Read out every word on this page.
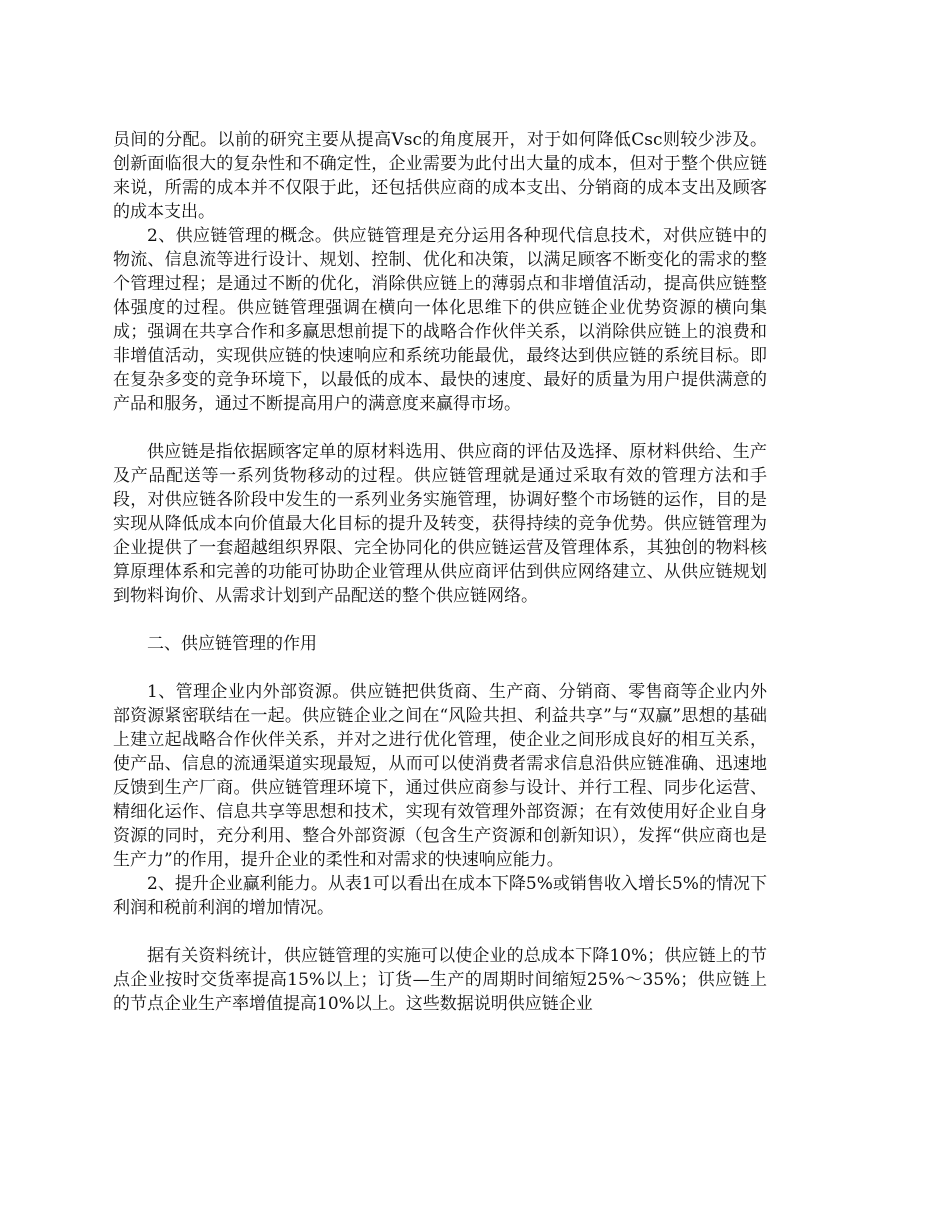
员间的分配。以前的研究主要从提高Vsc的角度展开，对于如何降低Csc则较少涉及。创新面临很大的复杂性和不确定性，企业需要为此付出大量的成本，但对于整个供应链来说，所需的成本并不仅限于此，还包括供应商的成本支出、分销商的成本支出及顾客的成本支出。

2、供应链管理的概念。供应链管理是充分运用各种现代信息技术，对供应链中的物流、信息流等进行设计、规划、控制、优化和决策，以满足顾客不断变化的需求的整个管理过程；是通过不断的优化，消除供应链上的薄弱点和非增值活动，提高供应链整体强度的过程。供应链管理强调在横向一体化思维下的供应链企业优势资源的横向集成；强调在共享合作和多赢思想前提下的战略合作伙伴关系，以消除供应链上的浪费和非增值活动，实现供应链的快速响应和系统功能最优，最终达到供应链的系统目标。即在复杂多变的竞争环境下，以最低的成本、最快的速度、最好的质量为用户提供满意的产品和服务，通过不断提高用户的满意度来赢得市场。

供应链是指依据顾客定单的原材料选用、供应商的评估及选择、原材料供给、生产及产品配送等一系列货物移动的过程。供应链管理就是通过采取有效的管理方法和手段，对供应链各阶段中发生的一系列业务实施管理，协调好整个市场链的运作，目的是实现从降低成本向价值最大化目标的提升及转变，获得持续的竞争优势。供应链管理为企业提供了一套超越组织界限、完全协同化的供应链运营及管理体系，其独创的物料核算原理体系和完善的功能可协助企业管理从供应商评估到供应网络建立、从供应链规划到物料询价、从需求计划到产品配送的整个供应链网络。

二、供应链管理的作用

1、管理企业内外部资源。供应链把供货商、生产商、分销商、零售商等企业内外部资源紧密联结在一起。供应链企业之间在“风险共担、利益共享”与“双赢”思想的基础上建立起战略合作伙伴关系，并对之进行优化管理，使企业之间形成良好的相互关系，使产品、信息的流通渠道实现最短，从而可以使消费者需求信息沿供应链准确、迅速地反馈到生产厂商。供应链管理环境下，通过供应商参与设计、并行工程、同步化运营、精细化运作、信息共享等思想和技术，实现有效管理外部资源；在有效使用好企业自身资源的同时，充分利用、整合外部资源（包含生产资源和创新知识），发挥“供应商也是生产力”的作用，提升企业的柔性和对需求的快速响应能力。

2、提升企业赢利能力。从表1可以看出在成本下降5%或销售收入增长5%的情况下利润和税前利润的增加情况。

据有关资料统计，供应链管理的实施可以使企业的总成本下降10%；供应链上的节点企业按时交货率提高15%以上；订货—生产的周期时间缩短25%～35%；供应链上的节点企业生产率增值提高10%以上。这些数据说明供应链企业
